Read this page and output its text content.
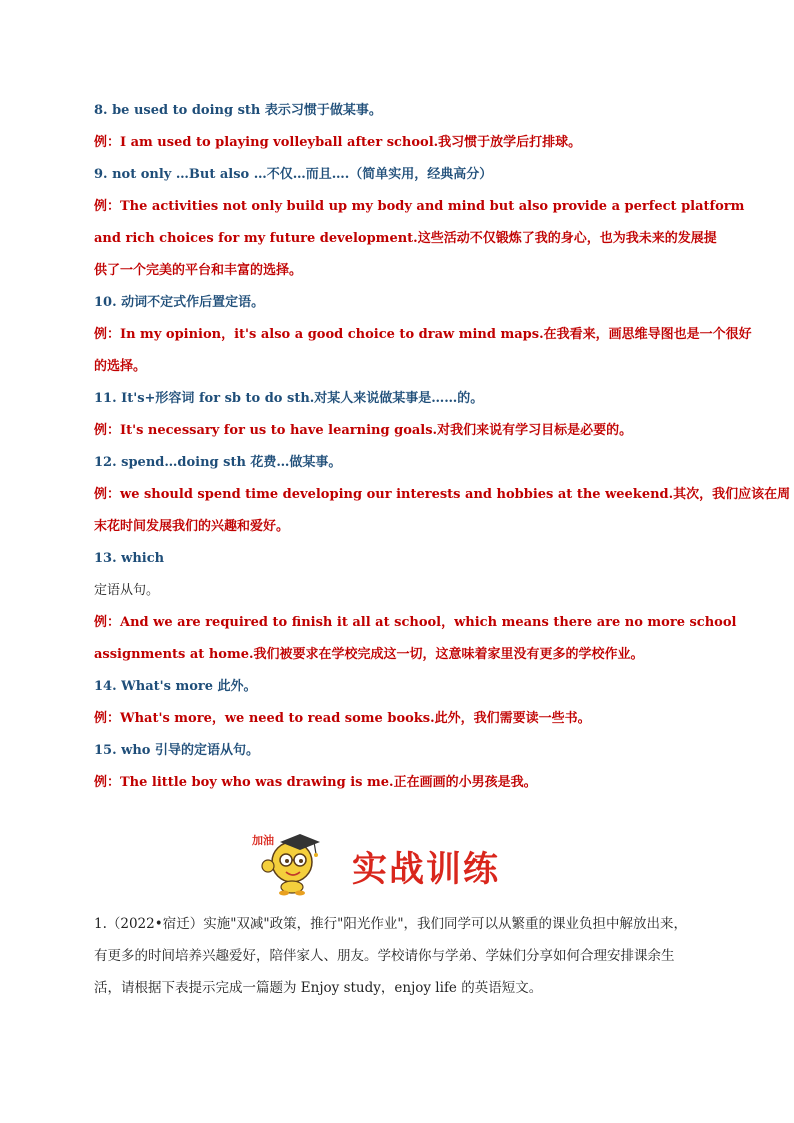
8. be used to doing sth 表示习惯于做某事。
例：I am used to playing volleyball after school.我习惯于放学后打排球。
9. not only …But also …不仅…而且….（简单实用，经典高分）
例：The activities not only build up my body and mind but also provide a perfect platform
and rich choices for my future development.这些活动不仅锻炼了我的身心，也为我未来的发展提
供了一个完美的平台和丰富的选择。
10. 动词不定式作后置定语。
例：In my opinion，it's also a good choice to draw mind maps.在我看来，画思维导图也是一个很好
的选择。
11. It's+形容词 for sb to do sth.对某人来说做某事是……的。
例：It's necessary for us to have learning goals.对我们来说有学习目标是必要的。
12. spend…doing sth 花费…做某事。
例：we should spend time developing our interests and hobbies at the weekend.其次，我们应该在周
末花时间发展我们的兴趣和爱好。
13. which
定语从句。
例：And we are required to finish it all at school，which means there are no more school
assignments at home.我们被要求在学校完成这一切，这意味着家里没有更多的学校作业。
14. What's more 此外。
例：What's more，we need to read some books.此外，我们需要读一些书。
15. who 引导的定语从句。
例：The little boy who was drawing is me.正在画画的小男孩是我。
加油
实战训练
1.（2022•宿迁）实施"双减"政策，推行"阳光作业"，我们同学可以从繁重的课业负担中解放出来，
有更多的时间培养兴趣爱好，陪伴家人、朋友。学校请你与学弟、学妹们分享如何合理安排课余生
活，请根据下表提示完成一篇题为 Enjoy study，enjoy life 的英语短文。
